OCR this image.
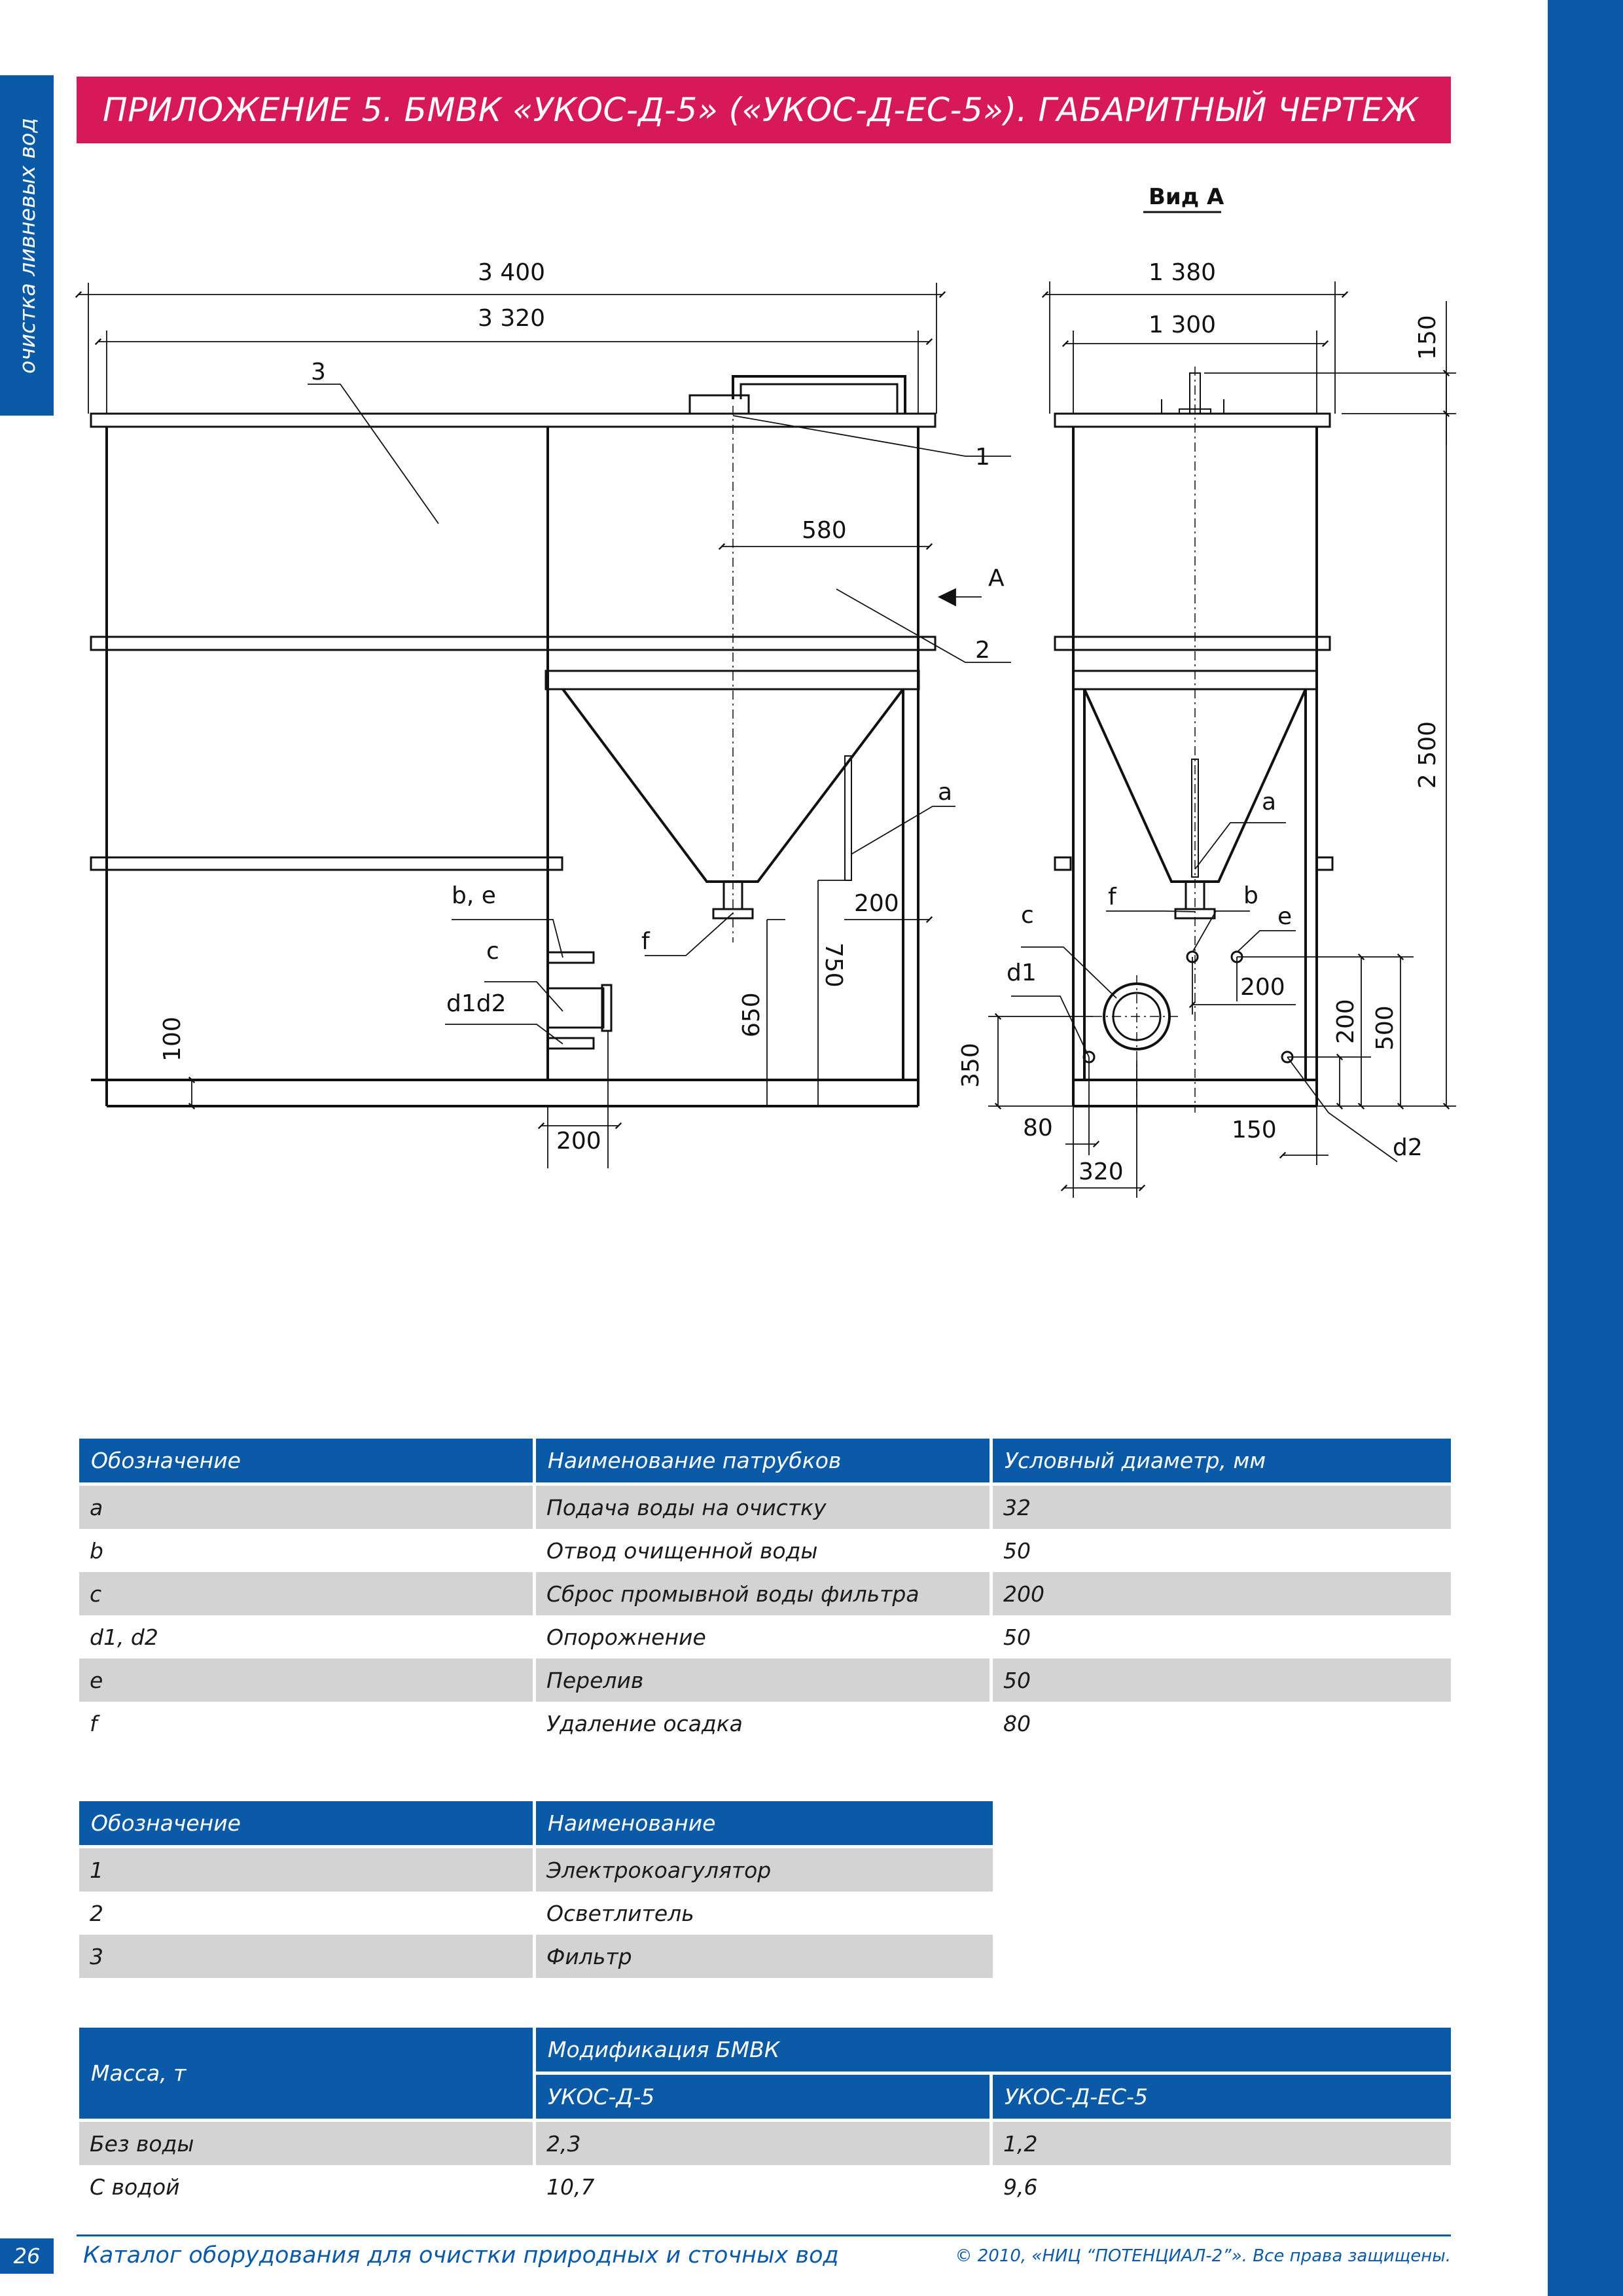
очистка ливневых вод
ПРИЛОЖЕНИЕ 5. БМВК «УКОС-Д-5» («УКОС-Д-ЕС-5»). ГАБАРИТНЫЙ ЧЕРТЕЖ
Вид А
3 400
3 320
580
200
650
750
100
200
1 380
1 300	150
2 500
200
200 500
350
80
320
150
1
2
3
a
f
b, e
c
d1d2
A
a
b
e
c
f
d1
d2
Обозначение	Наименование патрубков	Условный диаметр, мм
a	Подача воды на очистку	32
b	Отвод очищенной воды	50
c	Сброс промывной воды фильтра	200
d1, d2	Опорожнение	50
e	Перелив	50
f	Удаление осадка	80
Обозначение	Наименование
1	Электрокоагулятор
2	Осветлитель
3	Фильтр
Масса, т	Модификация БМВК	
	УКОС-Д-5	УКОС-Д-ЕС-5
Без воды	2,3	1,2
С водой	10,7	9,6
26	Каталог оборудования для очистки природных и сточных вод	© 2010, «НИЦ “ПОТЕНЦИАЛ-2”». Все права защищены.
